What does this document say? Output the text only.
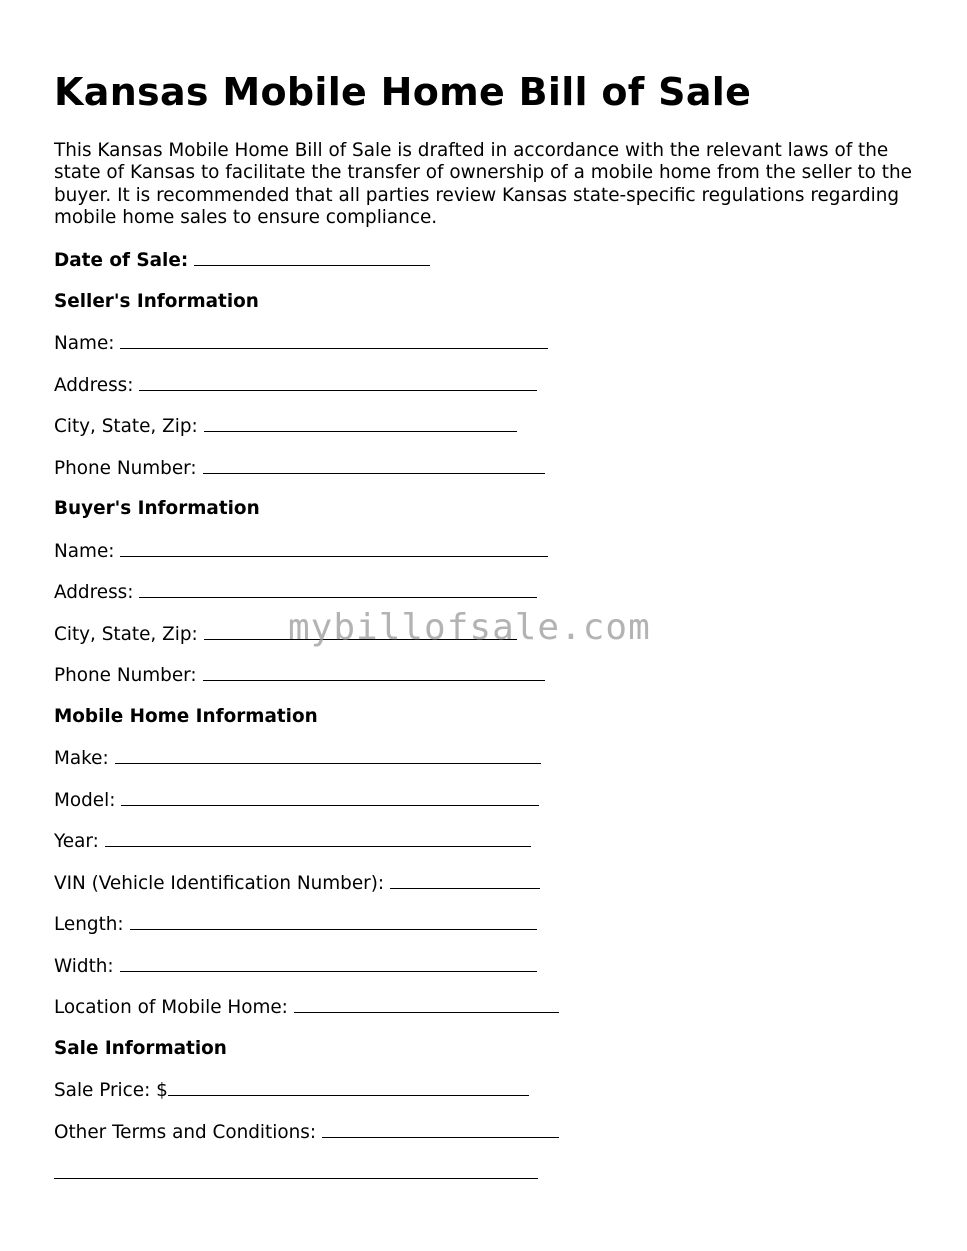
Kansas Mobile Home Bill of Sale

This Kansas Mobile Home Bill of Sale is drafted in accordance with the relevant laws of the state of Kansas to facilitate the transfer of ownership of a mobile home from the seller to the buyer. It is recommended that all parties review Kansas state-specific regulations regarding mobile home sales to ensure compliance.

Date of Sale:
Seller's Information
Name:
Address:
City, State, Zip:
Phone Number:
Buyer's Information
Name:
Address:
City, State, Zip:
Phone Number:
Mobile Home Information
Make:
Model:
Year:
VIN (Vehicle Identification Number):
Length:
Width:
Location of Mobile Home:
Sale Information
Sale Price: $
Other Terms and Conditions:
mybillofsale.com
